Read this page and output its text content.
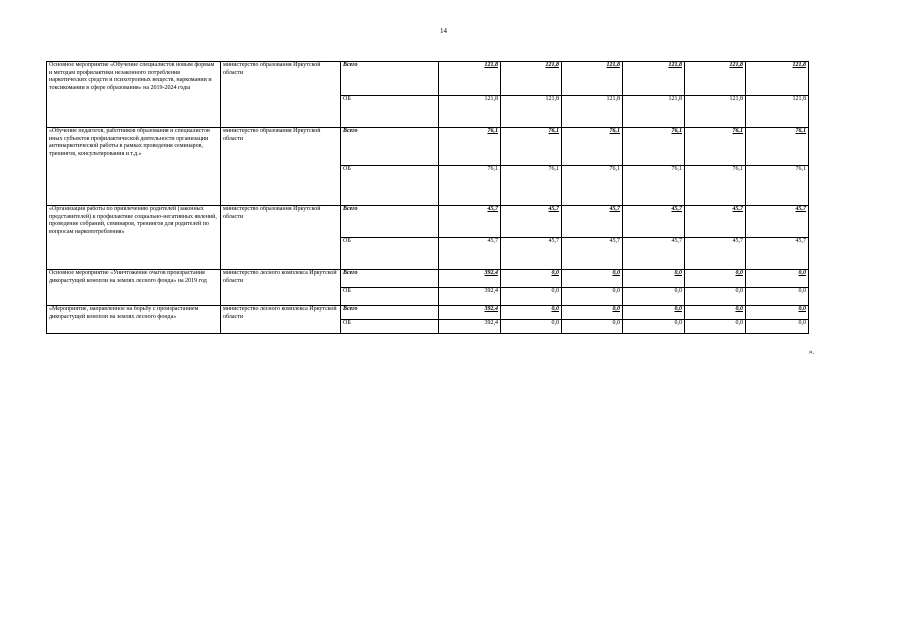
14
Основное мероприятие «Обучение специалистов новым формам и методам профилактики незаконного потребления наркотических средств и психотропных веществ, наркомании и токсикомании в сфере образования» на 2019-2024 годы	министерство образования Иркутской области	Всего	121,8	121,8	121,8	121,8	121,8	121,8
		ОБ	121,8	121,8	121,8	121,8	121,8	121,8
«Обучение педагогов, работников образования и специалистов иных субъектов профилактической деятельности организации антинаркотической работы в рамках проведения семинаров, тренингов, консультирования и т.д.»	министерство образования Иркутской области	Всего	76,1	76,1	76,1	76,1	76,1	76,1
		ОБ	76,1	76,1	76,1	76,1	76,1	76,1
«Организация работы по привлечению родителей (законных представителей) к профилактике социально-негативных явлений, проведение собраний, семинаров, тренингов для родителей по вопросам наркопотребления»	министерство образования Иркутской области	Всего	45,7	45,7	45,7	45,7	45,7	45,7
		ОБ	45,7	45,7	45,7	45,7	45,7	45,7
Основное мероприятие «Уничтожение очагов произрастания дикорастущей конопли на землях лесного фонда» на 2019 год	министерство лесного комплекса Иркутской области	Всего	392,4	0,0	0,0	0,0	0,0	0,0
		ОБ	392,4	0,0	0,0	0,0	0,0	0,0
«Мероприятие, направленное на борьбу с произрастанием дикорастущей конопли на землях лесного фонда»	министерство лесного комплекса Иркутской области	Всего	392,4	0,0	0,0	0,0	0,0	0,0
		ОБ	392,4	0,0	0,0	0,0	0,0	0,0
».
